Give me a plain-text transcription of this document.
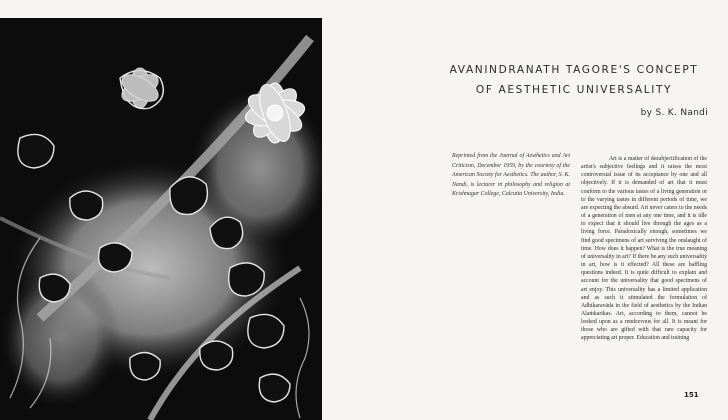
AVANINDRANATH TAGORE'S CONCEPT
OF AESTHETIC UNIVERSALITY
by S. K. Nandi
Reprinted from the Journal of Aesthetics and Art Criticism, December 1959, by the courtesy of the American Society for Aesthetics. The author, S. K. Nandi, is lecturer in philosophy and religion at Krishnagar College, Calcutta University, India.

Art is a matter of desubjectification of the artist's subjective feelings and it raises the most controversial issue of its acceptance by one and all objectively. If it is demanded of art that it must conform to the various tastes of a living generation or to the varying tastes in different periods of time, we are expecting the absurd. Art never caters to the needs of a generation of men at any one time, and it is idle to expect that it should live through the ages as a living force. Paradoxically enough, sometimes we find good specimens of art surviving the onslaught of time. How does it happen? What is the true meaning of universality in art? If there be any such universality in art, how is it effected? All these are baffling questions indeed. It is quite difficult to explain and account for the universality that good specimens of art enjoy. This universality has a limited application and as such it stimulated the formulation of Adhikaravāda in the field of aesthetics by the Indian Alaṁkarikas. Art, according to them, cannot be looked upon as a rendezvous for all. It is meant for those who are gifted with that rare capacity for appreciating art proper. Education and training

151
